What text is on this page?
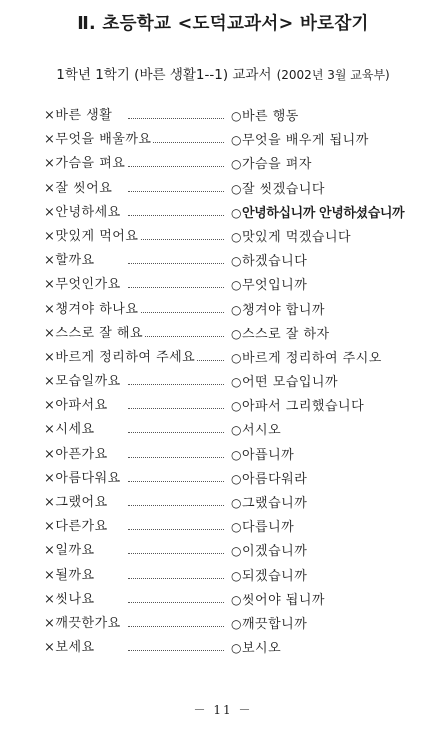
Ⅱ. 초등학교 <도덕교과서> 바로잡기
1학년 1학기 (바른 생활1--1) 교과서 (2002년 3월 교육부)
×바른 생활	○바른 행동
×무엇을 배울까요	○무엇을 배우게 됩니까
×가슴을 펴요	○가슴을 펴자
×잘 씻어요	○잘 씻겠습니다
×안녕하세요	○안녕하십니까 안녕하셨습니까
×맛있게 먹어요	○맛있게 먹겠습니다
×할까요	○하겠습니다
×무엇인가요	○무엇입니까
×챙겨야 하나요	○챙겨야 합니까
×스스로 잘 해요	○스스로 잘 하자
×바르게 정리하여 주세요	○바르게 정리하여 주시오
×모습일까요	○어떤 모습입니까
×아파서요	○아파서 그리했습니다
×시세요	○서시오
×아픈가요	○아픕니까
×아름다워요	○아름다워라
×그랬어요	○그랬습니까
×다른가요	○다릅니까
×일까요	○이겠습니까
×될까요	○되겠습니까
×씻나요	○씻어야 됩니까
×깨끗한가요	○깨끗합니까
×보세요	○보시오
－ 11 －
